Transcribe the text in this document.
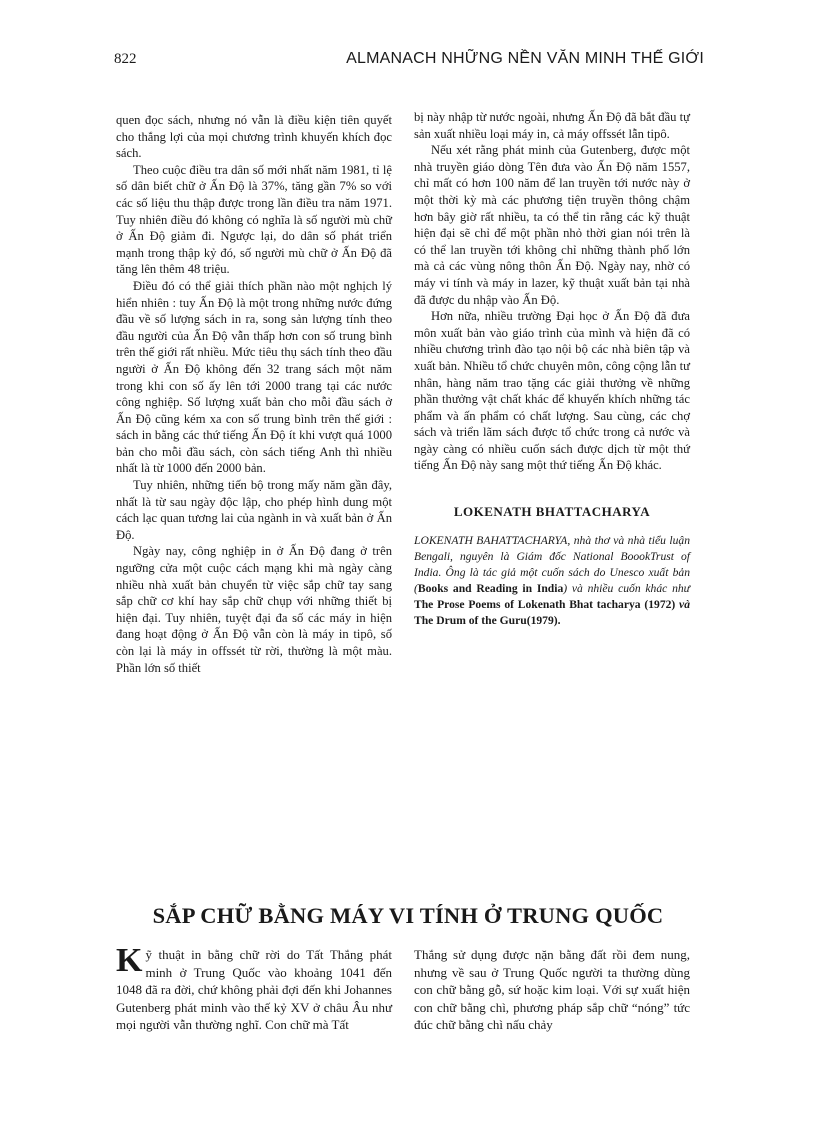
822	ALMANACH NHỮNG NỀN VĂN MINH THẾ GIỚI

quen đọc sách, nhưng nó vẫn là điều kiện tiên quyết cho thắng lợi của mọi chương trình khuyến khích đọc sách.

Theo cuộc điều tra dân số mới nhất năm 1981, tỉ lệ số dân biết chữ ở Ấn Độ là 37%, tăng gần 7% so với các số liệu thu thập được trong lần điều tra năm 1971. Tuy nhiên điều đó không có nghĩa là số người mù chữ ở Ấn Độ giảm đi. Ngược lại, do dân số phát triển mạnh trong thập kỷ đó, số người mù chữ ở Ấn Độ đã tăng lên thêm 48 triệu.

Điều đó có thể giải thích phần nào một nghịch lý hiển nhiên : tuy Ấn Độ là một trong những nước đứng đầu về số lượng sách in ra, song sản lượng tính theo đầu người của Ấn Độ vẫn thấp hơn con số trung bình trên thế giới rất nhiều. Mức tiêu thụ sách tính theo đầu người ở Ấn Độ không đến 32 trang sách một năm trong khi con số ấy lên tới 2000 trang tại các nước công nghiệp. Số lượng xuất bản cho mỗi đầu sách ở Ấn Độ cũng kém xa con số trung bình trên thế giới : sách in bằng các thứ tiếng Ấn Độ ít khi vượt quá 1000 bản cho mỗi đầu sách, còn sách tiếng Anh thì nhiều nhất là từ 1000 đến 2000 bản.

Tuy nhiên, những tiến bộ trong mấy năm gần đây, nhất là từ sau ngày độc lập, cho phép hình dung một cách lạc quan tương lai của ngành in và xuất bản ở Ấn Độ.

Ngày nay, công nghiệp in ở Ấn Độ đang ở trên ngưỡng cửa một cuộc cách mạng khi mà ngày càng nhiều nhà xuất bản chuyển từ việc sắp chữ tay sang sắp chữ cơ khí hay sắp chữ chụp với những thiết bị hiện đại. Tuy nhiên, tuyệt đại đa số các máy in hiện đang hoạt động ở Ấn Độ vẫn còn là máy in tipô, số còn lại là máy in offssét từ rời, thường là một màu. Phần lớn số thiết

bị này nhập từ nước ngoài, nhưng Ấn Độ đã bắt đầu tự sản xuất nhiều loại máy in, cả máy offssét lẫn tipô.

Nếu xét rằng phát minh của Gutenberg, được một nhà truyền giáo dòng Tên đưa vào Ấn Độ năm 1557, chỉ mất có hơn 100 năm để lan truyền tới nước này ở một thời kỳ mà các phương tiện truyền thông chậm hơn bây giờ rất nhiều, ta có thể tin rằng các kỹ thuật hiện đại sẽ chỉ để một phần nhỏ thời gian nói trên là có thể lan truyền tới không chỉ những thành phố lớn mà cả các vùng nông thôn Ấn Độ. Ngày nay, nhờ có máy vi tính và máy in lazer, kỹ thuật xuất bản tại nhà đã được du nhập vào Ấn Độ.

Hơn nữa, nhiều trường Đại học ở Ấn Độ đã đưa môn xuất bản vào giáo trình của mình và hiện đã có nhiều chương trình đào tạo nội bộ các nhà biên tập và xuất bản. Nhiều tổ chức chuyên môn, công cộng lẫn tư nhân, hàng năm trao tặng các giải thưởng về những phần thưởng vật chất khác để khuyến khích những tác phẩm và ấn phẩm có chất lượng. Sau cùng, các chợ sách và triển lãm sách được tổ chức trong cả nước và ngày càng có nhiều cuốn sách được dịch từ một thứ tiếng Ấn Độ này sang một thứ tiếng Ấn Độ khác.

LOKENATH BHATTACHARYA
LOKENATH BAHATTACHARYA, nhà thơ và nhà tiểu luận Bengali, nguyên là Giám đốc National BoookTrust of India. Ông là tác giả một cuốn sách do Unesco xuất bản (Books and Reading in India) và nhiều cuốn khác như The Prose Poems of Lokenath Bhat tacharya (1972) và The Drum of the Guru(1979).
SẮP CHỮ BẰNG MÁY VI TÍNH Ở TRUNG QUỐC

Kỹ thuật in bằng chữ rời do Tất Thắng phát minh ở Trung Quốc vào khoảng 1041 đến 1048 đã ra đời, chứ không phải đợi đến khi Johannes Gutenberg phát minh vào thế kỷ XV ở châu Âu như mọi người vẫn thường nghĩ. Con chữ mà Tất

Thắng sử dụng được nặn bằng đất rồi đem nung, nhưng về sau ở Trung Quốc người ta thường dùng con chữ bằng gỗ, sứ hoặc kim loại. Với sự xuất hiện con chữ bằng chì, phương pháp sắp chữ “nóng” tức đúc chữ bằng chì nấu chảy
